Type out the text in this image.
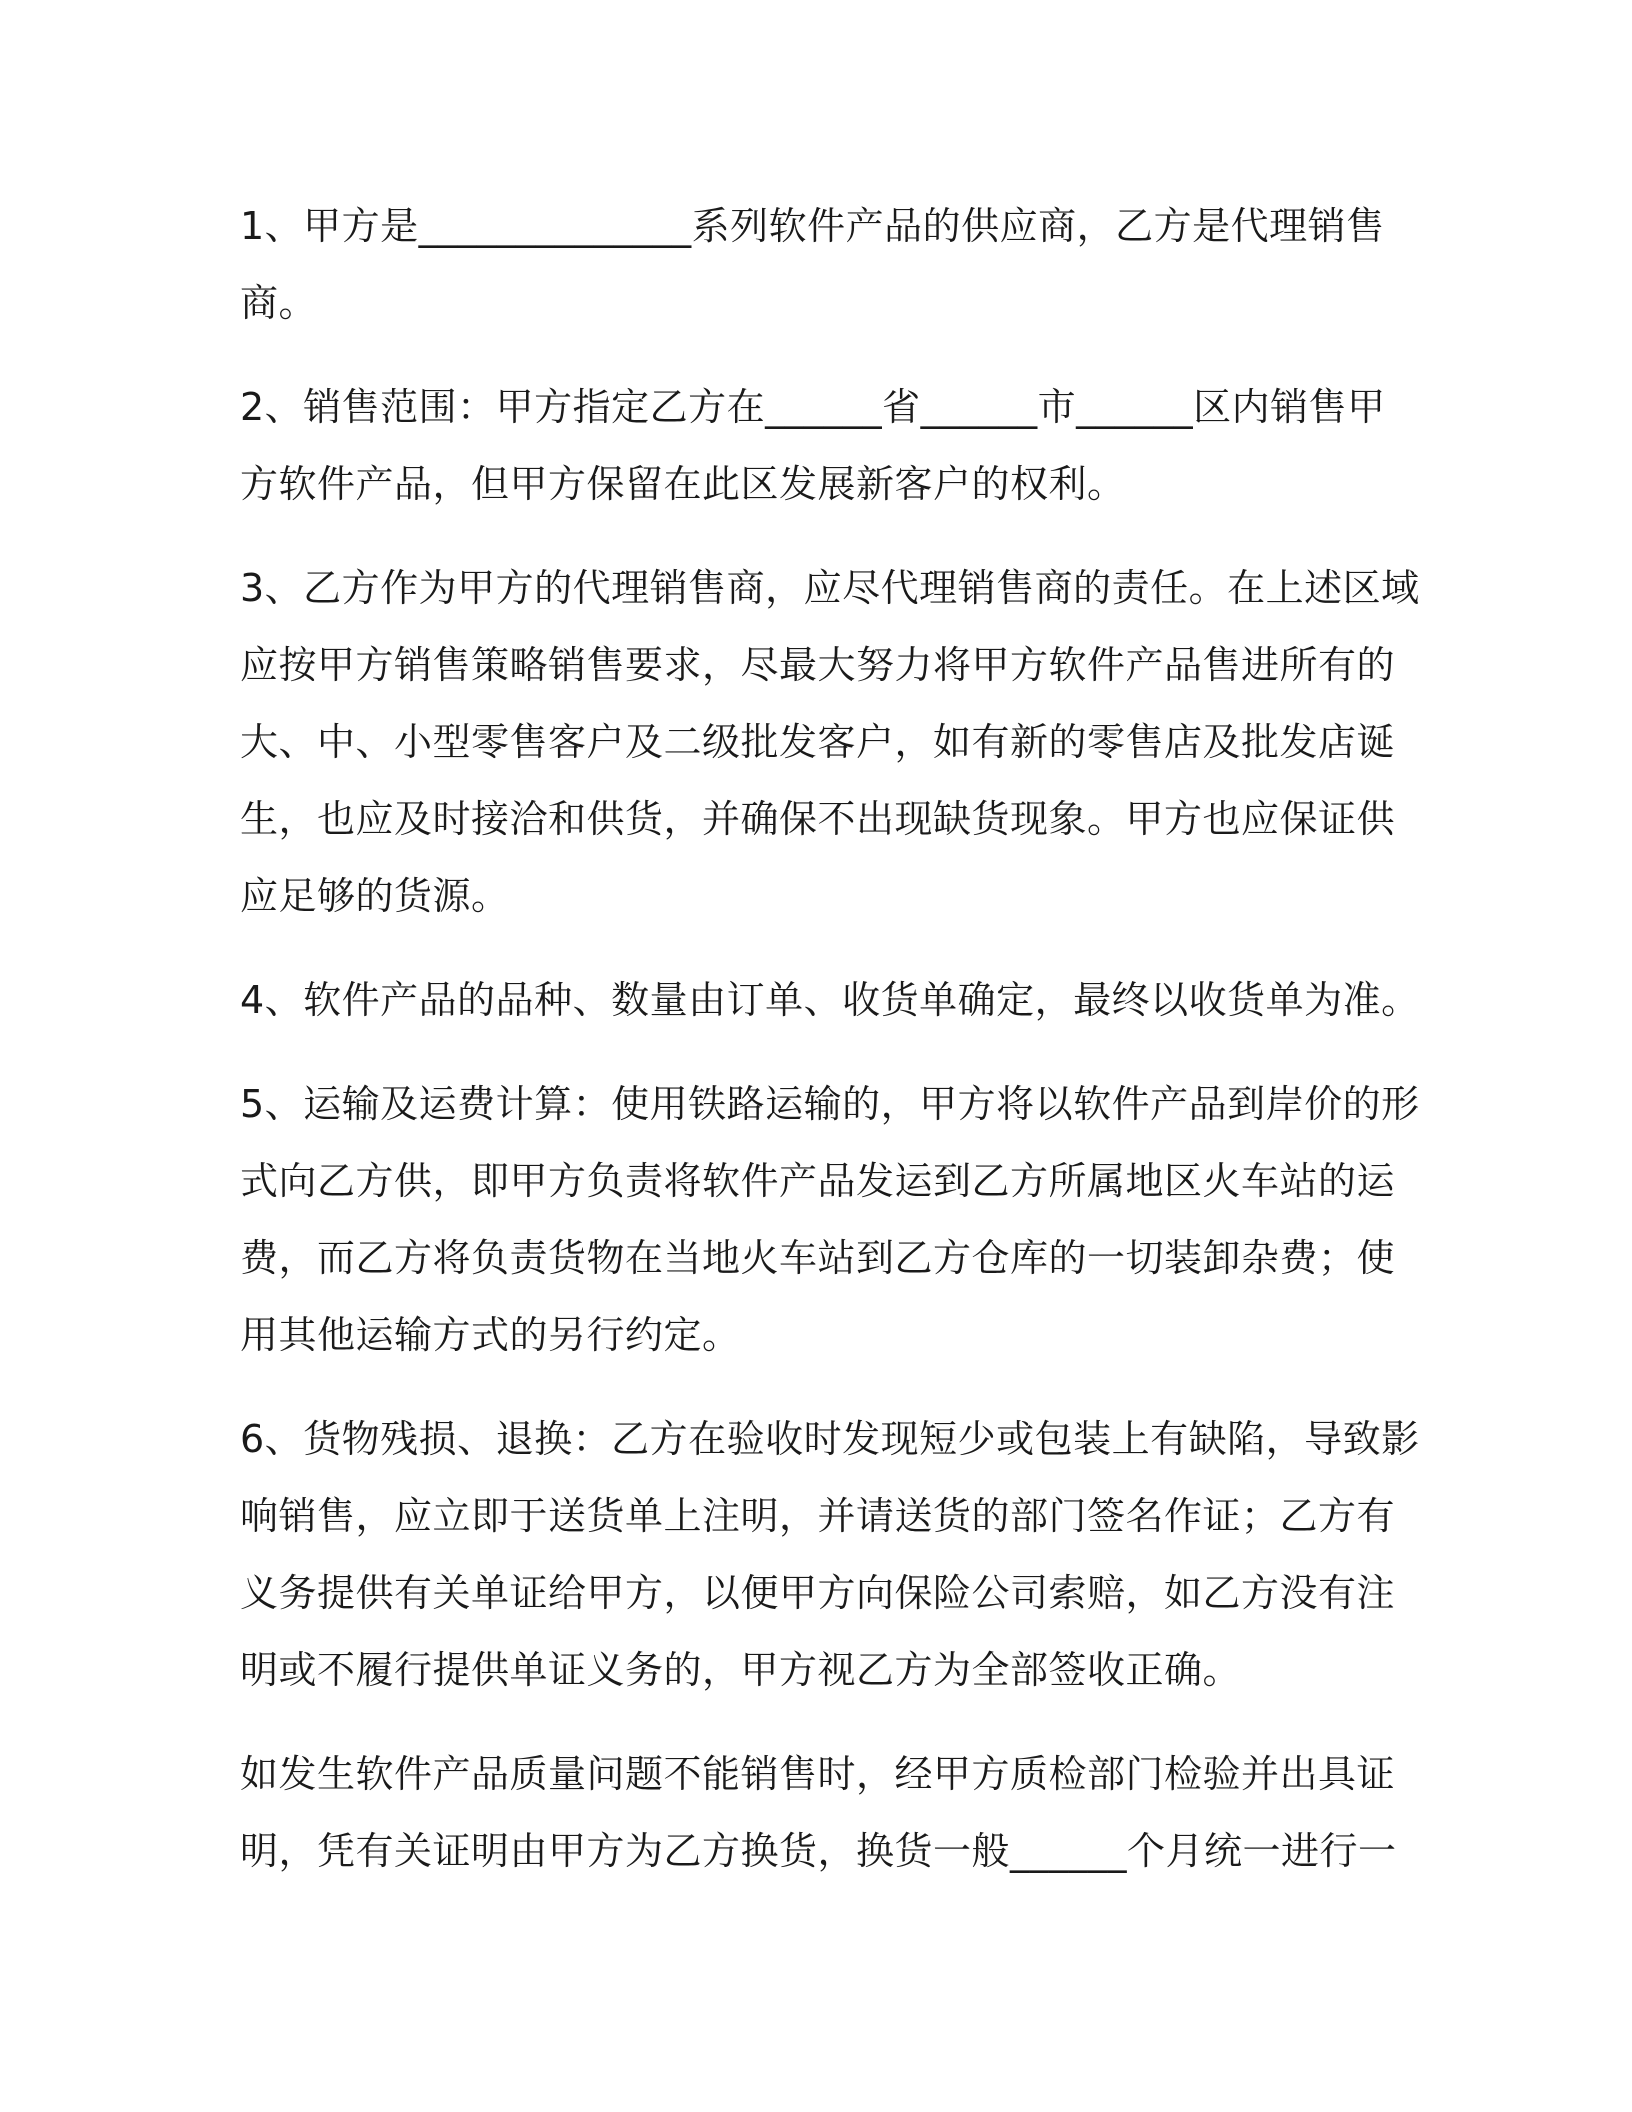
1、甲方是______________系列软件产品的供应商，乙方是代理销售
商。

2、销售范围：甲方指定乙方在______省______市______区内销售甲
方软件产品，但甲方保留在此区发展新客户的权利。

3、乙方作为甲方的代理销售商，应尽代理销售商的责任。在上述区域
应按甲方销售策略销售要求，尽最大努力将甲方软件产品售进所有的
大、中、小型零售客户及二级批发客户，如有新的零售店及批发店诞
生，也应及时接洽和供货，并确保不出现缺货现象。甲方也应保证供
应足够的货源。

4、软件产品的品种、数量由订单、收货单确定，最终以收货单为准。

5、运输及运费计算：使用铁路运输的，甲方将以软件产品到岸价的形
式向乙方供，即甲方负责将软件产品发运到乙方所属地区火车站的运
费，而乙方将负责货物在当地火车站到乙方仓库的一切装卸杂费；使
用其他运输方式的另行约定。

6、货物残损、退换：乙方在验收时发现短少或包装上有缺陷，导致影
响销售，应立即于送货单上注明，并请送货的部门签名作证；乙方有
义务提供有关单证给甲方，以便甲方向保险公司索赔，如乙方没有注
明或不履行提供单证义务的，甲方视乙方为全部签收正确。

如发生软件产品质量问题不能销售时，经甲方质检部门检验并出具证
明，凭有关证明由甲方为乙方换货，换货一般______个月统一进行一
